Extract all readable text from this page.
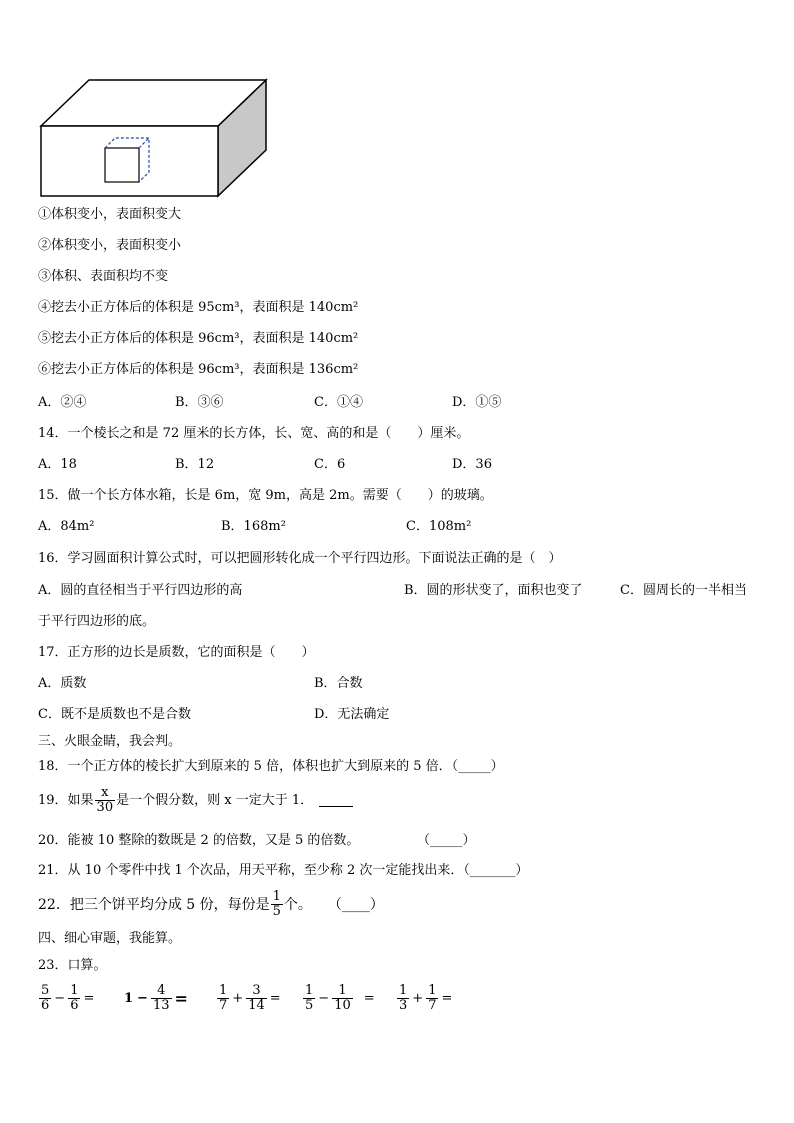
①体积变小，表面积变大
②体积变小，表面积变小
③体积、表面积均不变
④挖去小正方体后的体积是 95cm³，表面积是 140cm²
⑤挖去小正方体后的体积是 96cm³，表面积是 140cm²
⑥挖去小正方体后的体积是 96cm³，表面积是 136cm²
A．②④	B．③⑥	C．①④	D．①⑤
14．一个棱长之和是 72 厘米的长方体，长、宽、高的和是（　　）厘米。
A．18	B．12	C．6	D．36
15．做一个长方体水箱，长是 6m，宽 9m，高是 2m。需要（　　）的玻璃。
A．84m²	B．168m²	C．108m²
16．学习圆面积计算公式时，可以把圆形转化成一个平行四边形。下面说法正确的是（　）
A．圆的直径相当于平行四边形的高	B．圆的形状变了，面积也变了	C．圆周长的一半相当
于平行四边形的底。
17．正方形的边长是质数，它的面积是（　　）
A．质数	B．合数
C．既不是质数也不是合数	D．无法确定
三、火眼金睛，我会判。
18．一个正方体的棱长扩大到原来的 5 倍，体积也扩大到原来的 5 倍．（_____）
19．如果 $\frac{x}{30}$ 是一个假分数，则 x 一定大于 1．
20．能被 10 整除的数既是 2 的倍数，又是 5 的倍数。	（_____）
21．从 10 个零件中找 1 个次品，用天平称，至少称 2 次一定能找出来．（_______）
22．把三个饼平均分成 5 份，每份是 $\frac{1}{5}$ 个。 （____）
四、细心审题，我能算。
23．口算。
$\frac{5}{6} - \frac{1}{6} = 1 - \frac{4}{13} = \frac{1}{7} + \frac{3}{14} = \frac{1}{5} - \frac{1}{10} = \frac{1}{3} + \frac{1}{7}$ =
